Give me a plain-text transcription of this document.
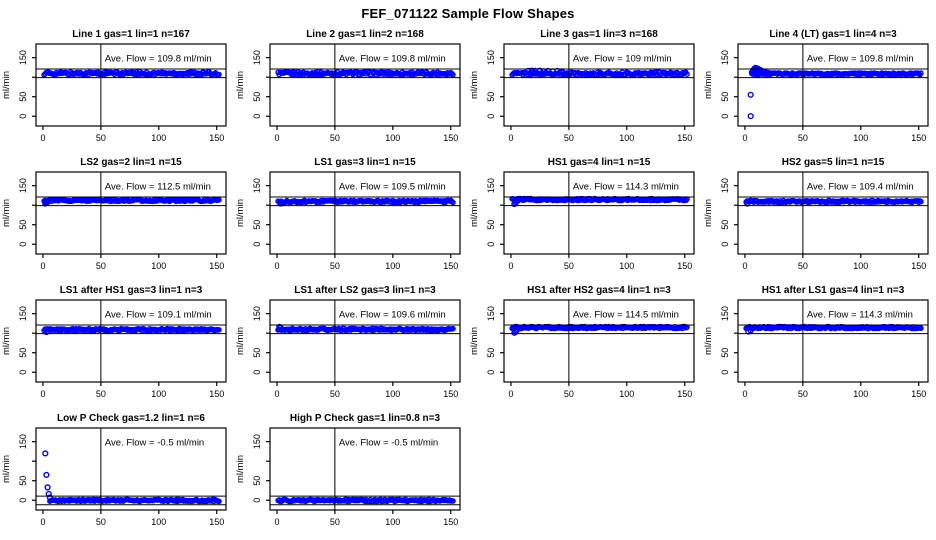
FEF_071122 Sample Flow Shapes
Line 1 gas=1 lin=1 n=167
Ave. Flow = 109.8 ml/min
0	50	100	150
0
50
150
ml/min
Line 2 gas=1 lin=2 n=168
Ave. Flow = 109.8 ml/min
0	50	100	150
0
50
150
ml/min
Line 3 gas=1 lin=3 n=168
Ave. Flow = 109 ml/min
0	50	100	150
0
50
150
ml/min
Line 4 (LT) gas=1 lin=4 n=3
Ave. Flow = 109.8 ml/min
0	50	100	150
0
50
150
ml/min
LS2 gas=2 lin=1 n=15
Ave. Flow = 112.5 ml/min
0	50	100	150
0
50
150
ml/min
LS1 gas=3 lin=1 n=15
Ave. Flow = 109.5 ml/min
0	50	100	150
0
50
150
ml/min
HS1 gas=4 lin=1 n=15
Ave. Flow = 114.3 ml/min
0	50	100	150
0
50
150
ml/min
HS2 gas=5 lin=1 n=15
Ave. Flow = 109.4 ml/min
0	50	100	150
0
50
150
ml/min
LS1 after HS1 gas=3 lin=1 n=3
Ave. Flow = 109.1 ml/min
0	50	100	150
0
50
150
ml/min
LS1 after LS2 gas=3 lin=1 n=3
Ave. Flow = 109.6 ml/min
0	50	100	150
0
50
150
ml/min
HS1 after HS2 gas=4 lin=1 n=3
Ave. Flow = 114.5 ml/min
0	50	100	150
0
50
150
ml/min
HS1 after LS1 gas=4 lin=1 n=3
Ave. Flow = 114.3 ml/min
0	50	100	150
0
50
150
ml/min
Low P Check gas=1.2 lin=1 n=6
Ave. Flow = -0.5 ml/min
0	50	100	150
0
50
150
ml/min
High P Check gas=1 lin=0.8 n=3
Ave. Flow = -0.5 ml/min
0	50	100	150
0
50
150
ml/min
